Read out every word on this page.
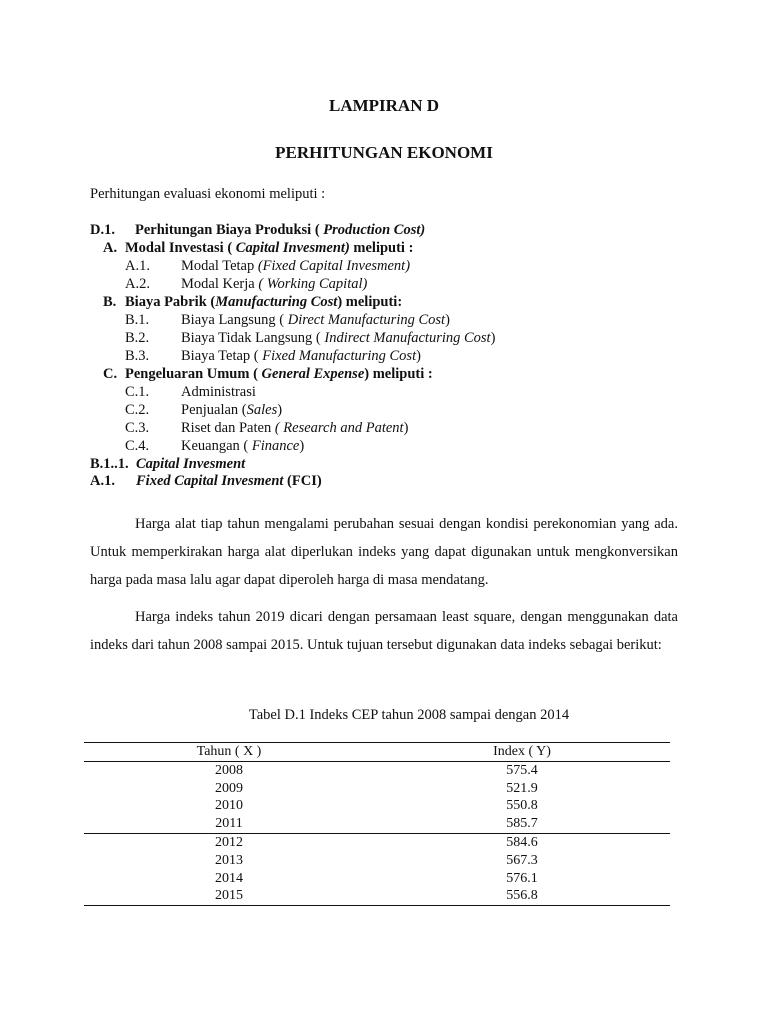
LAMPIRAN D
PERHITUNGAN EKONOMI
Perhitungan evaluasi ekonomi meliputi :
D.1. Perhitungan Biaya Produksi ( Production Cost)
A. Modal Investasi ( Capital Invesment) meliputi :
A.1. Modal Tetap (Fixed Capital Invesment)
A.2. Modal Kerja ( Working Capital)
B. Biaya Pabrik (Manufacturing Cost) meliputi:
B.1. Biaya Langsung ( Direct Manufacturing Cost)
B.2. Biaya Tidak Langsung ( Indirect Manufacturing Cost)
B.3. Biaya Tetap ( Fixed Manufacturing Cost)
C. Pengeluaran Umum ( General Expense) meliputi :
C.1. Administrasi
C.2. Penjualan (Sales)
C.3. Riset dan Paten ( Research and Patent)
C.4. Keuangan ( Finance)
B.1..1. Capital Invesment
A.1. Fixed Capital Invesment (FCI)

Harga alat tiap tahun mengalami perubahan sesuai dengan kondisi perekonomian yang ada. Untuk memperkirakan harga alat diperlukan indeks yang dapat digunakan untuk mengkonversikan harga pada masa lalu agar dapat diperoleh harga di masa mendatang.

Harga indeks tahun 2019 dicari dengan persamaan least square, dengan menggunakan data indeks dari tahun 2008 sampai 2015. Untuk tujuan tersebut digunakan data indeks sebagai berikut:

Tabel D.1 Indeks CEP tahun 2008 sampai dengan 2014
Tahun ( X )	Index ( Y)
2008	575.4
2009	521.9
2010	550.8
2011	585.7
2012	584.6
2013	567.3
2014	576.1
2015	556.8
